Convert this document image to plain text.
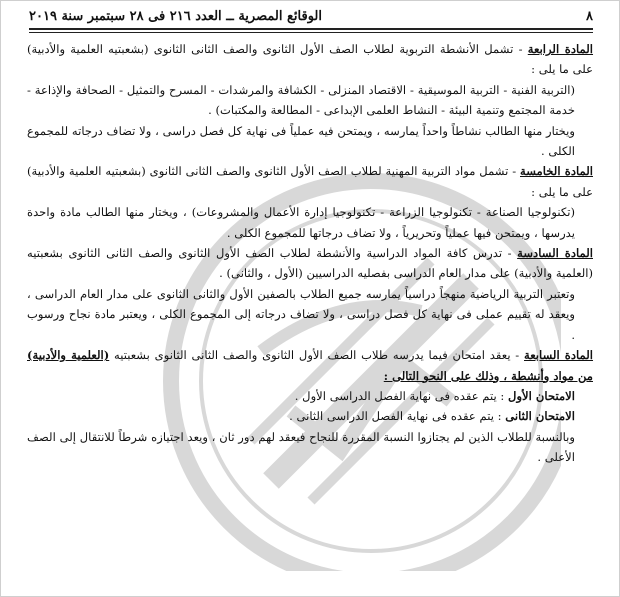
٨
الوقائع المصرية ــ العدد ٢١٦ فى ٢٨ سبتمبر سنة ٢٠١٩

المادة الرابعة - تشمل الأنشطة التربوية لطلاب الصف الأول الثانوى والصف الثانى الثانوى (بشعبتيه العلمية والأدبية) على ما يلى :

(التربية الفنية - التربية الموسيقية - الاقتصاد المنزلى - الكشافة والمرشدات - المسرح والتمثيل - الصحافة والإذاعة - خدمة المجتمع وتنمية البيئة - النشاط العلمى الإبداعى - المطالعة والمكتبات) .

ويختار منها الطالب نشاطاً واحداً يمارسه ، ويمتحن فيه عملياً فى نهاية كل فصل دراسى ، ولا تضاف درجاته للمجموع الكلى .

المادة الخامسة - تشمل مواد التربية المهنية لطلاب الصف الأول الثانوى والصف الثانى الثانوى (بشعبتيه العلمية والأدبية) على ما يلى :

(تكنولوجيا الصناعة - تكنولوجيا الزراعة - تكنولوجيا إدارة الأعمال والمشروعات) ، ويختار منها الطالب مادة واحدة يدرسها ، ويمتحن فيها عملياً وتحريرياً ، ولا تضاف درجاتها للمجموع الكلى .

المادة السادسة - تدرس كافة المواد الدراسية والأنشطة لطلاب الصف الأول الثانوى والصف الثانى الثانوى بشعبتيه (العلمية والأدبية) على مدار العام الدراسى بفصليه الدراسيين (الأول ، والثانى) .

وتعتبر التربية الرياضية منهجاً دراسياً يمارسه جميع الطلاب بالصفين الأول والثانى الثانوى على مدار العام الدراسى ، ويعقد له تقييم عملى فى نهاية كل فصل دراسى ، ولا تضاف درجاته إلى المجموع الكلى ، ويعتبر مادة نجاح ورسوب .

المادة السابعة - يعقد امتحان فيما يدرسه طلاب الصف الأول الثانوى والصف الثانى الثانوى بشعبتيه (العلمية والأدبية) من مواد وأنشطة ، وذلك على النحو التالى :

الامتحان الأول : يتم عقده فى نهاية الفصل الدراسى الأول .

الامتحان الثانى : يتم عقده فى نهاية الفصل الدراسى الثانى .

وبالنسبة للطلاب الذين لم يجتازوا النسبة المقررة للنجاح فيعقد لهم دور ثان ، ويعد اجتيازه شرطاً للانتقال إلى الصف الأعلى .
